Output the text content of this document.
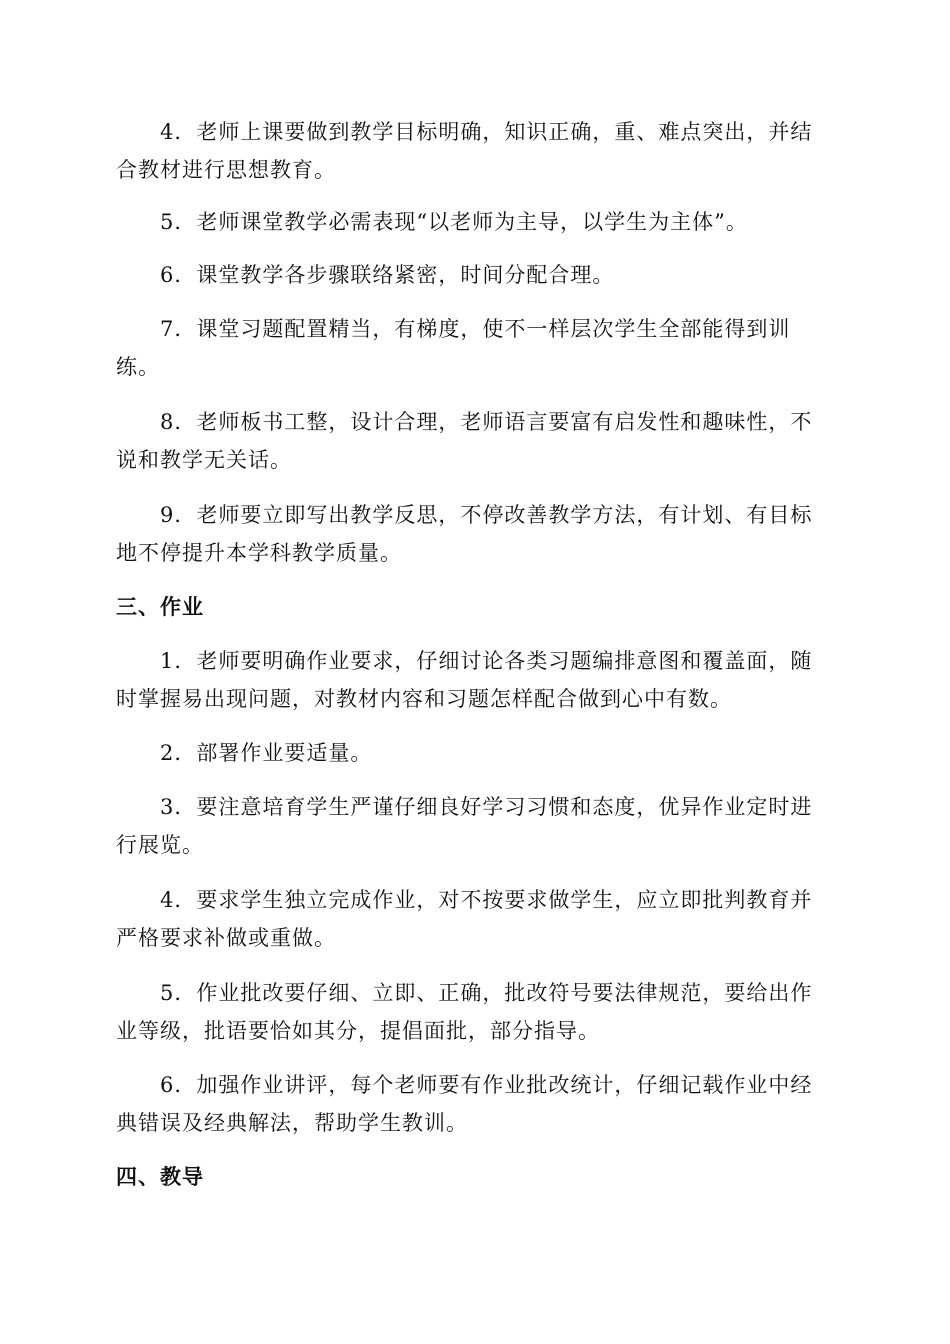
4．老师上课要做到教学目标明确，知识正确，重、难点突出，并结
合教材进行思想教育。

5．老师课堂教学必需表现“以老师为主导，以学生为主体”。

6．课堂教学各步骤联络紧密，时间分配合理。

7．课堂习题配置精当，有梯度，使不一样层次学生全部能得到训
练。

8．老师板书工整，设计合理，老师语言要富有启发性和趣味性，不
说和教学无关话。

9．老师要立即写出教学反思，不停改善教学方法，有计划、有目标
地不停提升本学科教学质量。

三、作业

1．老师要明确作业要求，仔细讨论各类习题编排意图和覆盖面，随
时掌握易出现问题，对教材内容和习题怎样配合做到心中有数。

2．部署作业要适量。

3．要注意培育学生严谨仔细良好学习习惯和态度，优异作业定时进
行展览。

4．要求学生独立完成作业，对不按要求做学生，应立即批判教育并
严格要求补做或重做。

5．作业批改要仔细、立即、正确，批改符号要法律规范，要给出作
业等级，批语要恰如其分，提倡面批，部分指导。

6．加强作业讲评，每个老师要有作业批改统计，仔细记载作业中经
典错误及经典解法，帮助学生教训。

四、教导
